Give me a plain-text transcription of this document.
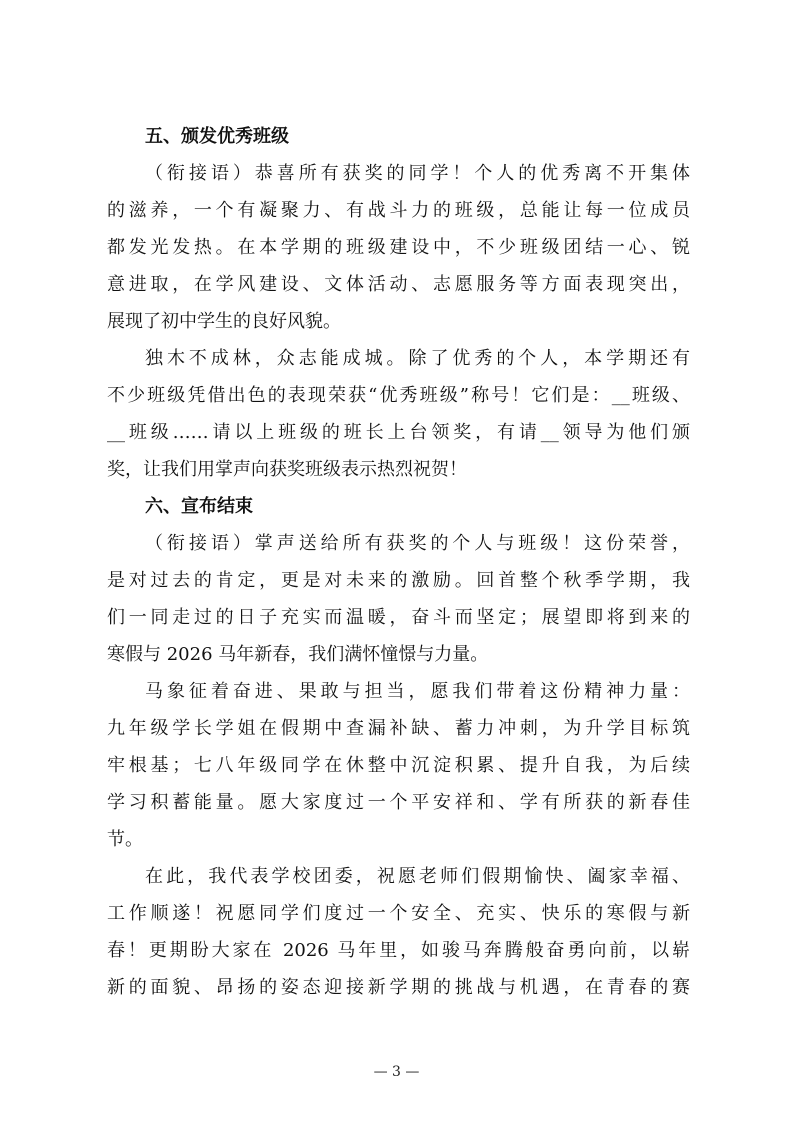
五、颁发优秀班级
（衔接语）恭喜所有获奖的同学！个人的优秀离不开集体
的滋养，一个有凝聚力、有战斗力的班级，总能让每一位成员
都发光发热。在本学期的班级建设中，不少班级团结一心、锐
意进取，在学风建设、文体活动、志愿服务等方面表现突出，
展现了初中学生的良好风貌。
独木不成林，众志能成城。除了优秀的个人，本学期还有
不少班级凭借出色的表现荣获“优秀班级”称号！它们是：__班级、
__班级……请以上班级的班长上台领奖，有请__领导为他们颁
奖，让我们用掌声向获奖班级表示热烈祝贺！
六、宣布结束
（衔接语）掌声送给所有获奖的个人与班级！这份荣誉，
是对过去的肯定，更是对未来的激励。回首整个秋季学期，我
们一同走过的日子充实而温暖，奋斗而坚定；展望即将到来的
寒假与 2026 马年新春，我们满怀憧憬与力量。
马象征着奋进、果敢与担当，愿我们带着这份精神力量：
九年级学长学姐在假期中查漏补缺、蓄力冲刺，为升学目标筑
牢根基；七八年级同学在休整中沉淀积累、提升自我，为后续
学习积蓄能量。愿大家度过一个平安祥和、学有所获的新春佳
节。
在此，我代表学校团委，祝愿老师们假期愉快、阖家幸福、
工作顺遂！祝愿同学们度过一个安全、充实、快乐的寒假与新
春！更期盼大家在 2026 马年里，如骏马奔腾般奋勇向前，以崭
新的面貌、昂扬的姿态迎接新学期的挑战与机遇，在青春的赛
— 3 —
